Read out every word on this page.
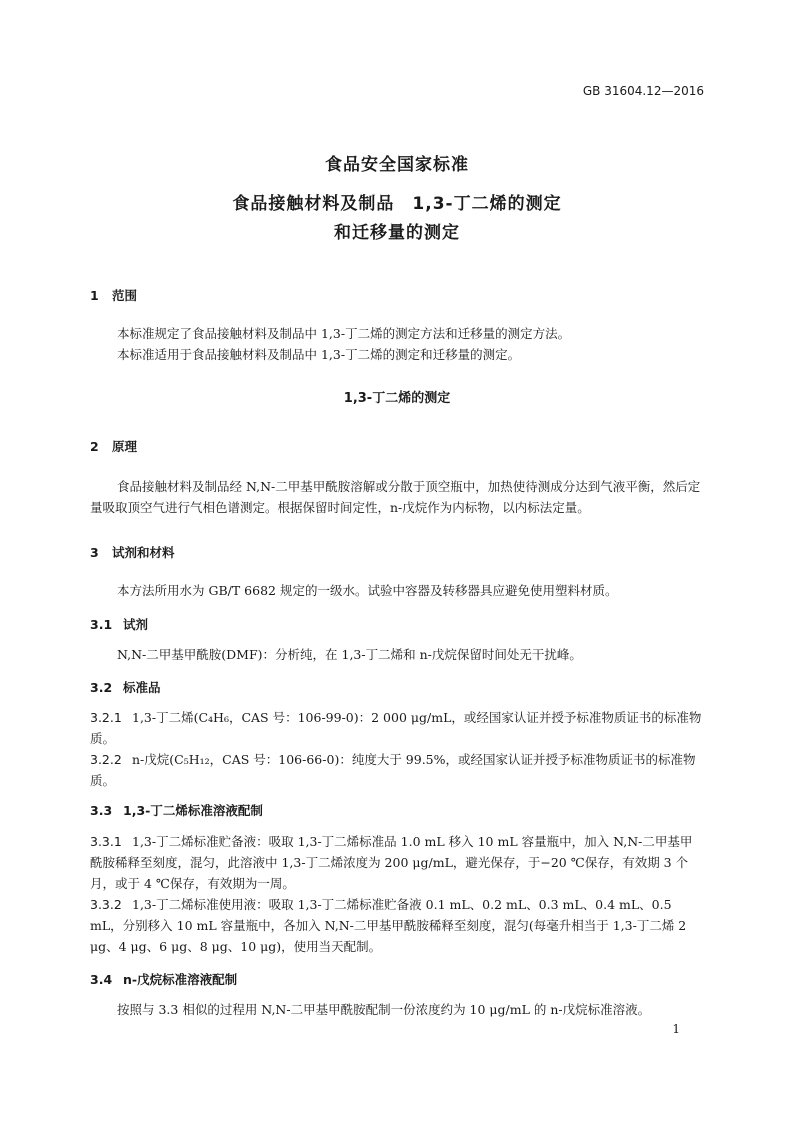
GB 31604.12—2016
食品安全国家标准
食品接触材料及制品　1,3-丁二烯的测定
和迁移量的测定
1 范围
本标准规定了食品接触材料及制品中 1,3-丁二烯的测定方法和迁移量的测定方法。
本标准适用于食品接触材料及制品中 1,3-丁二烯的测定和迁移量的测定。
1,3-丁二烯的测定
2 原理
食品接触材料及制品经 N,N-二甲基甲酰胺溶解或分散于顶空瓶中，加热使待测成分达到气液平衡，然后定量吸取顶空气进行气相色谱测定。根据保留时间定性，n-戊烷作为内标物，以内标法定量。
3 试剂和材料
本方法所用水为 GB/T 6682 规定的一级水。试验中容器及转移器具应避免使用塑料材质。
3.1 试剂
N,N-二甲基甲酰胺(DMF)：分析纯，在 1,3-丁二烯和 n-戊烷保留时间处无干扰峰。
3.2 标准品
3.2.1 1,3-丁二烯(C₄H₆，CAS 号：106-99-0)：2 000 μg/mL，或经国家认证并授予标准物质证书的标准物质。
3.2.2 n-戊烷(C₅H₁₂，CAS 号：106-66-0)：纯度大于 99.5%，或经国家认证并授予标准物质证书的标准物质。
3.3 1,3-丁二烯标准溶液配制
3.3.1 1,3-丁二烯标准贮备液：吸取 1,3-丁二烯标准品 1.0 mL 移入 10 mL 容量瓶中，加入 N,N-二甲基甲酰胺稀释至刻度，混匀，此溶液中 1,3-丁二烯浓度为 200 μg/mL，避光保存，于−20 ℃保存，有效期 3 个月，或于 4 ℃保存，有效期为一周。
3.3.2 1,3-丁二烯标准使用液：吸取 1,3-丁二烯标准贮备液 0.1 mL、0.2 mL、0.3 mL、0.4 mL、0.5 mL，分别移入 10 mL 容量瓶中，各加入 N,N-二甲基甲酰胺稀释至刻度，混匀(每毫升相当于 1,3-丁二烯 2 μg、4 μg、6 μg、8 μg、10 μg)，使用当天配制。
3.4 n-戊烷标准溶液配制
按照与 3.3 相似的过程用 N,N-二甲基甲酰胺配制一份浓度约为 10 μg/mL 的 n-戊烷标准溶液。
1
